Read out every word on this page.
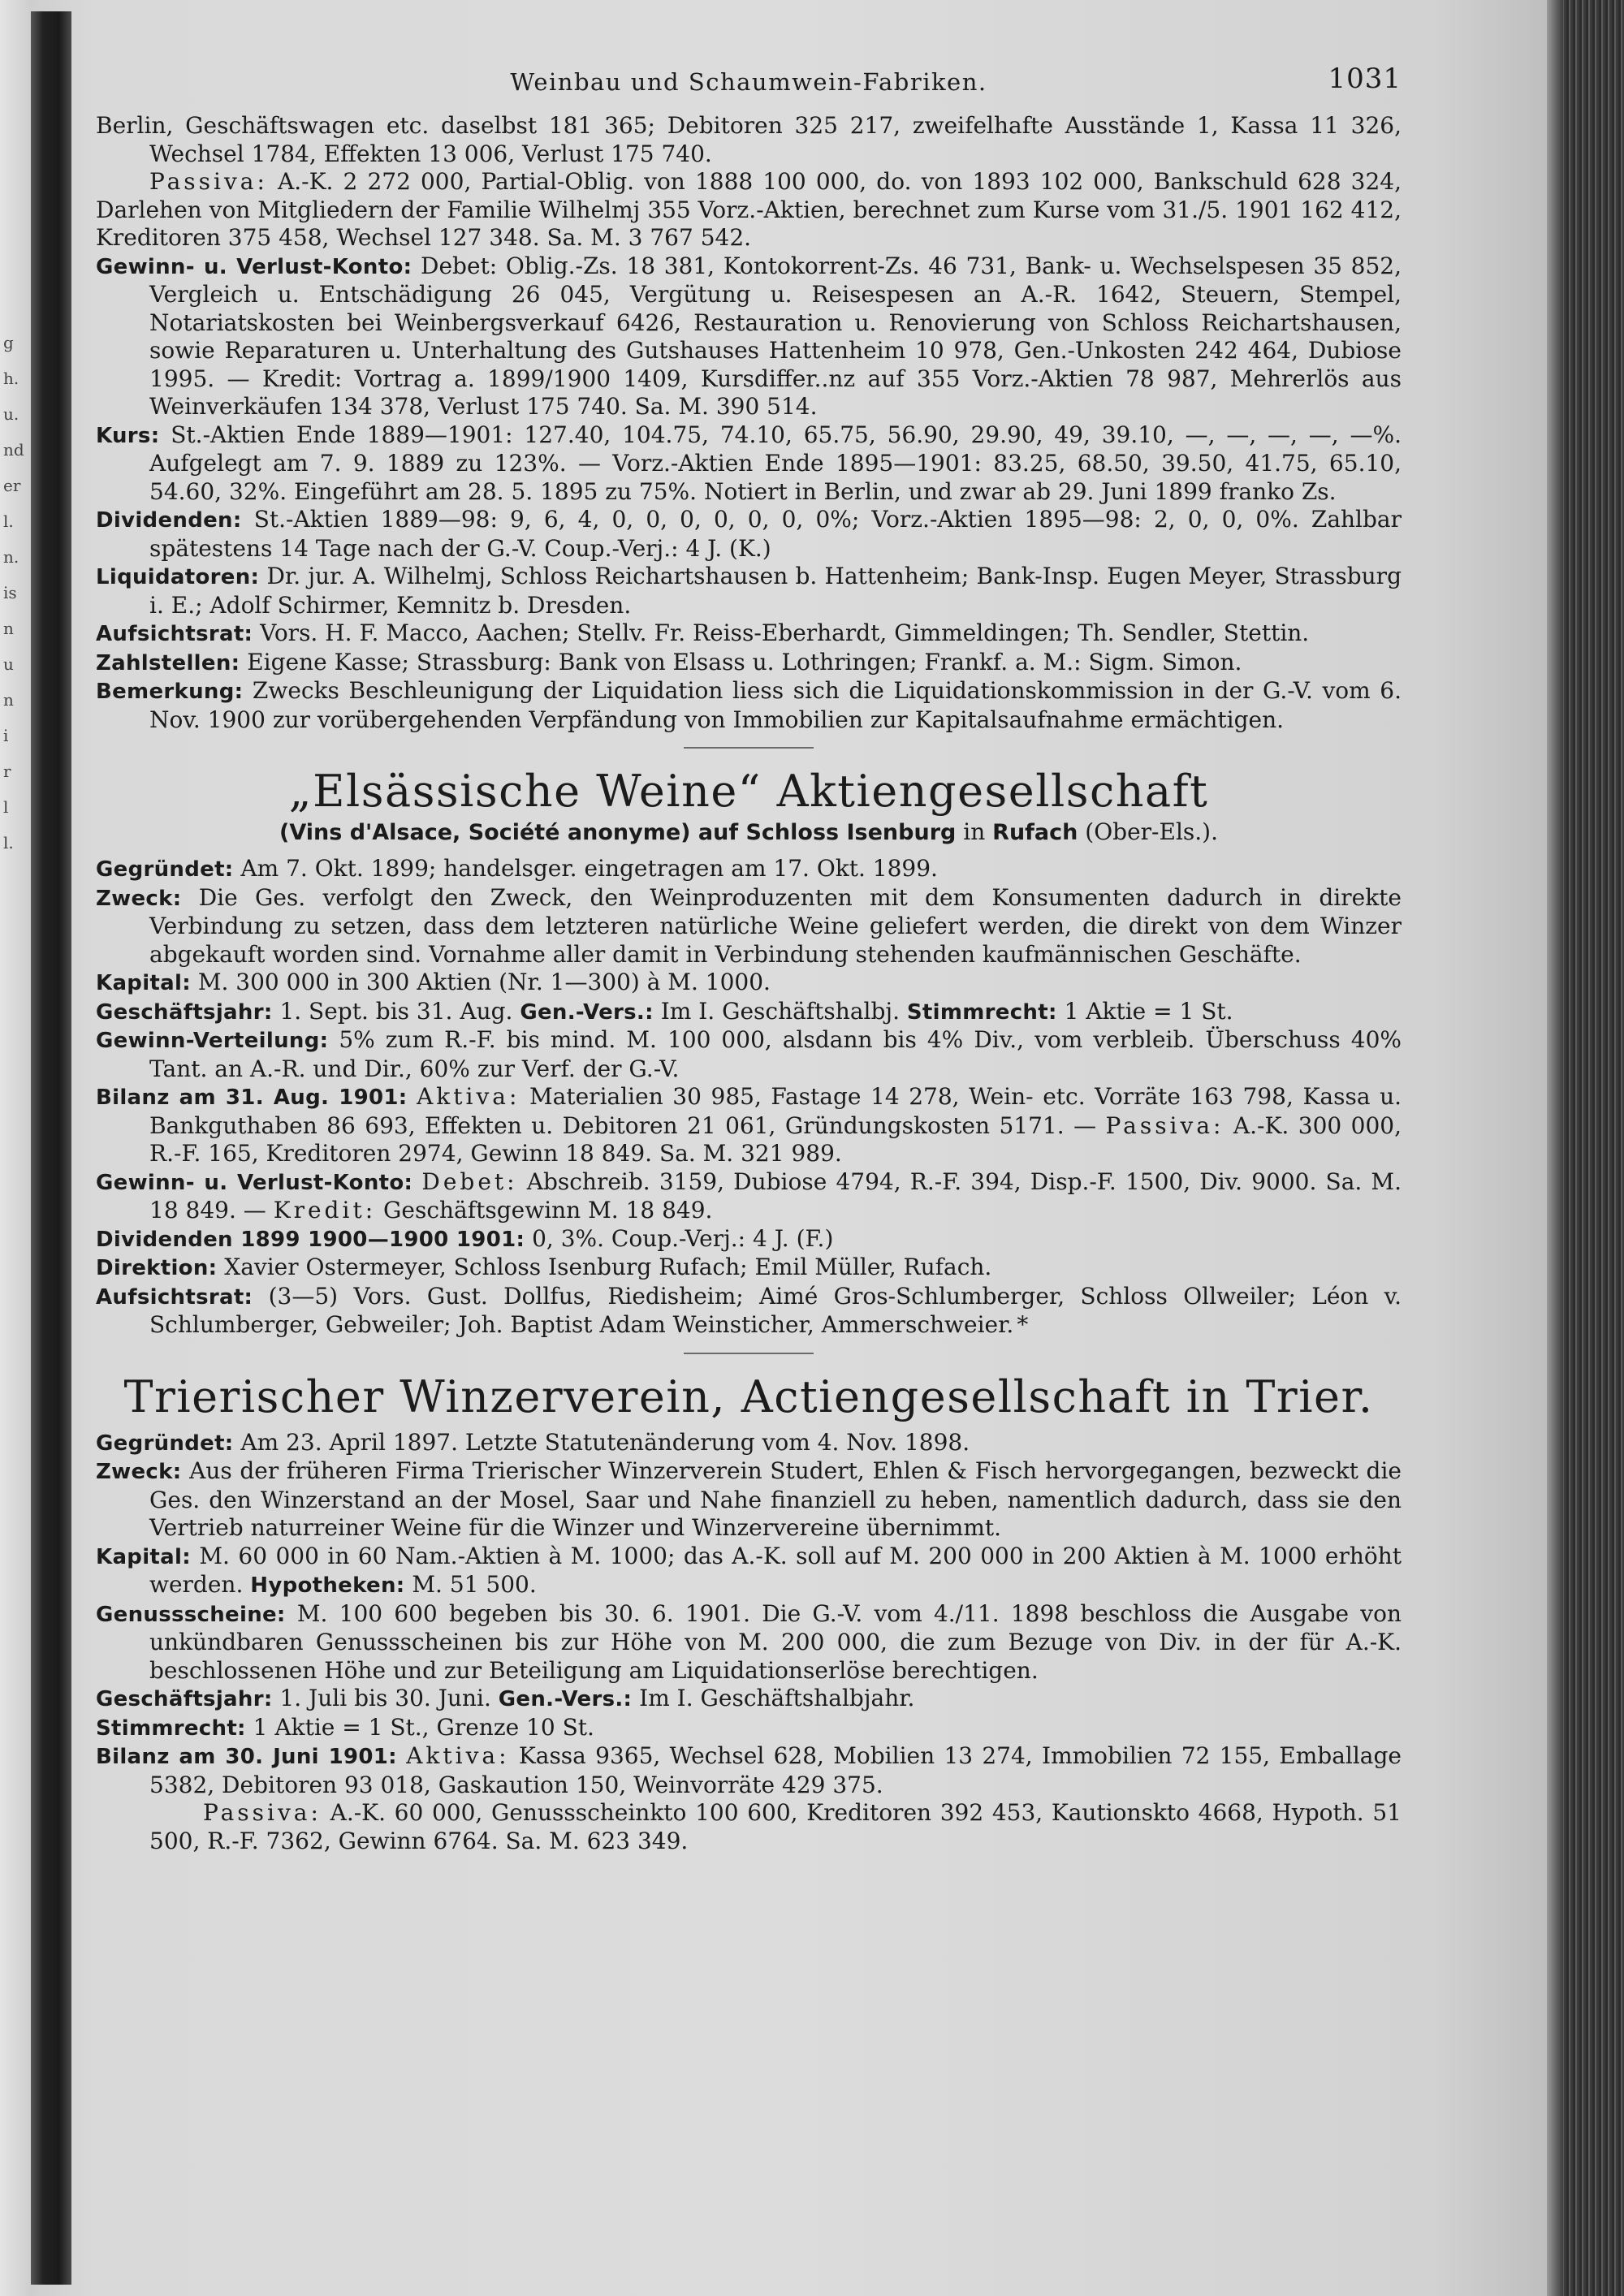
g
h.
u.
nd
er
l.
n.
is
n
u
n
i
r
l
l.
Weinbau und Schaumwein-Fabriken.	1031

Berlin, Geschäftswagen etc. daselbst 181 365; Debitoren 325 217, zweifelhafte Ausstände 1, Kassa 11 326, Wechsel 1784, Effekten 13 006, Verlust 175 740.

Passiva: A.-K. 2 272 000, Partial-Oblig. von 1888 100 000, do. von 1893 102 000, Bankschuld 628 324, Darlehen von Mitgliedern der Familie Wilhelmj 355 Vorz.-Aktien, berechnet zum Kurse vom 31./5. 1901 162 412, Kreditoren 375 458, Wechsel 127 348. Sa. M. 3 767 542.

Gewinn- u. Verlust-Konto: Debet: Oblig.-Zs. 18 381, Kontokorrent-Zs. 46 731, Bank- u. Wechselspesen 35 852, Vergleich u. Entschädigung 26 045, Vergütung u. Reisespesen an A.-R. 1642, Steuern, Stempel, Notariatskosten bei Weinbergsverkauf 6426, Restauration u. Renovierung von Schloss Reichartshausen, sowie Reparaturen u. Unterhaltung des Gutshauses Hattenheim 10 978, Gen.-Unkosten 242 464, Dubiose 1995. — Kredit: Vortrag a. 1899/1900 1409, Kursdiffer..nz auf 355 Vorz.-Aktien 78 987, Mehrerlös aus Weinverkäufen 134 378, Verlust 175 740. Sa. M. 390 514.

Kurs: St.-Aktien Ende 1889—1901: 127.40, 104.75, 74.10, 65.75, 56.90, 29.90, 49, 39.10, —, —, —, —, —%. Aufgelegt am 7. 9. 1889 zu 123%. — Vorz.-Aktien Ende 1895—1901: 83.25, 68.50, 39.50, 41.75, 65.10, 54.60, 32%. Eingeführt am 28. 5. 1895 zu 75%. Notiert in Berlin, und zwar ab 29. Juni 1899 franko Zs.

Dividenden: St.-Aktien 1889—98: 9, 6, 4, 0, 0, 0, 0, 0, 0, 0%; Vorz.-Aktien 1895—98: 2, 0, 0, 0%. Zahlbar spätestens 14 Tage nach der G.-V. Coup.-Verj.: 4 J. (K.)

Liquidatoren: Dr. jur. A. Wilhelmj, Schloss Reichartshausen b. Hattenheim; Bank-Insp. Eugen Meyer, Strassburg i. E.; Adolf Schirmer, Kemnitz b. Dresden.

Aufsichtsrat: Vors. H. F. Macco, Aachen; Stellv. Fr. Reiss-Eberhardt, Gimmeldingen; Th. Sendler, Stettin.

Zahlstellen: Eigene Kasse; Strassburg: Bank von Elsass u. Lothringen; Frankf. a. M.: Sigm. Simon.

Bemerkung: Zwecks Beschleunigung der Liquidation liess sich die Liquidationskommission in der G.-V. vom 6. Nov. 1900 zur vorübergehenden Verpfändung von Immobilien zur Kapitalsaufnahme ermächtigen.

„Elsässische Weine“ Aktiengesellschaft
(Vins d'Alsace, Société anonyme) auf Schloss Isenburg in Rufach (Ober-Els.).

Gegründet: Am 7. Okt. 1899; handelsger. eingetragen am 17. Okt. 1899.

Zweck: Die Ges. verfolgt den Zweck, den Weinproduzenten mit dem Konsumenten dadurch in direkte Verbindung zu setzen, dass dem letzteren natürliche Weine geliefert werden, die direkt von dem Winzer abgekauft worden sind. Vornahme aller damit in Verbindung stehenden kaufmännischen Geschäfte.

Kapital: M. 300 000 in 300 Aktien (Nr. 1—300) à M. 1000.

Geschäftsjahr: 1. Sept. bis 31. Aug. Gen.-Vers.: Im I. Geschäftshalbj. Stimmrecht: 1 Aktie = 1 St.

Gewinn-Verteilung: 5% zum R.-F. bis mind. M. 100 000, alsdann bis 4% Div., vom verbleib. Überschuss 40% Tant. an A.-R. und Dir., 60% zur Verf. der G.-V.

Bilanz am 31. Aug. 1901: Aktiva: Materialien 30 985, Fastage 14 278, Wein- etc. Vorräte 163 798, Kassa u. Bankguthaben 86 693, Effekten u. Debitoren 21 061, Gründungskosten 5171. — Passiva: A.-K. 300 000, R.-F. 165, Kreditoren 2974, Gewinn 18 849. Sa. M. 321 989.

Gewinn- u. Verlust-Konto: Debet: Abschreib. 3159, Dubiose 4794, R.-F. 394, Disp.-F. 1500, Div. 9000. Sa. M. 18 849. — Kredit: Geschäftsgewinn M. 18 849.

Dividenden 1899 1900—1900 1901: 0, 3%. Coup.-Verj.: 4 J. (F.)

Direktion: Xavier Ostermeyer, Schloss Isenburg Rufach; Emil Müller, Rufach.

Aufsichtsrat: (3—5) Vors. Gust. Dollfus, Riedisheim; Aimé Gros-Schlumberger, Schloss Ollweiler; Léon v. Schlumberger, Gebweiler; Joh. Baptist Adam Weinsticher, Ammerschweier. *

Trierischer Winzerverein, Actiengesellschaft in Trier.

Gegründet: Am 23. April 1897. Letzte Statutenänderung vom 4. Nov. 1898.

Zweck: Aus der früheren Firma Trierischer Winzerverein Studert, Ehlen & Fisch hervorgegangen, bezweckt die Ges. den Winzerstand an der Mosel, Saar und Nahe finanziell zu heben, namentlich dadurch, dass sie den Vertrieb naturreiner Weine für die Winzer und Winzervereine übernimmt.

Kapital: M. 60 000 in 60 Nam.-Aktien à M. 1000; das A.-K. soll auf M. 200 000 in 200 Aktien à M. 1000 erhöht werden. Hypotheken: M. 51 500.

Genussscheine: M. 100 600 begeben bis 30. 6. 1901. Die G.-V. vom 4./11. 1898 beschloss die Ausgabe von unkündbaren Genussscheinen bis zur Höhe von M. 200 000, die zum Bezuge von Div. in der für A.-K. beschlossenen Höhe und zur Beteiligung am Liquidationserlöse berechtigen.

Geschäftsjahr: 1. Juli bis 30. Juni. Gen.-Vers.: Im I. Geschäftshalbjahr.

Stimmrecht: 1 Aktie = 1 St., Grenze 10 St.

Bilanz am 30. Juni 1901: Aktiva: Kassa 9365, Wechsel 628, Mobilien 13 274, Immobilien 72 155, Emballage 5382, Debitoren 93 018, Gaskaution 150, Weinvorräte 429 375.

Passiva: A.-K. 60 000, Genussscheinkto 100 600, Kreditoren 392 453, Kautionskto 4668, Hypoth. 51 500, R.-F. 7362, Gewinn 6764. Sa. M. 623 349.
